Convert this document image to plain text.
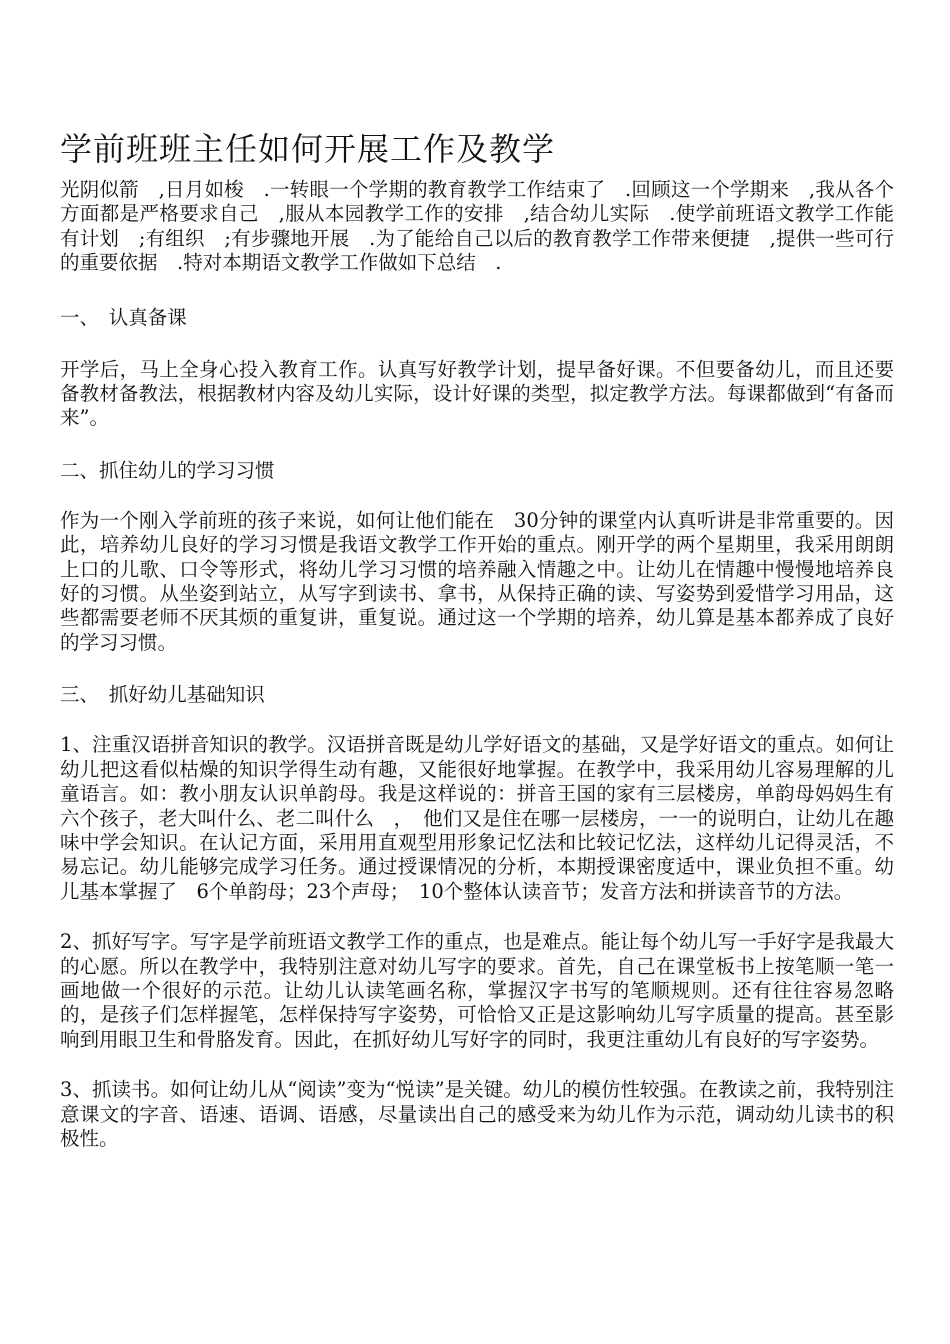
学前班班主任如何开展工作及教学

光阴似箭　,日月如梭　.一转眼一个学期的教育教学工作结束了　.回顾这一个学期来　,我从各个方面都是严格要求自己　,服从本园教学工作的安排　,结合幼儿实际　.使学前班语文教学工作能有计划　;有组织　;有步骤地开展　.为了能给自己以后的教育教学工作带来便捷　,提供一些可行的重要依据　.特对本期语文教学工作做如下总结　.

一、　认真备课

开学后，马上全身心投入教育工作。认真写好教学计划，提早备好课。不但要备幼儿，而且还要备教材备教法，根据教材内容及幼儿实际，设计好课的类型，拟定教学方法。每课都做到“有备而来”。

二、抓住幼儿的学习习惯

作为一个刚入学前班的孩子来说，如何让他们能在　30分钟的课堂内认真听讲是非常重要的。因此，培养幼儿良好的学习习惯是我语文教学工作开始的重点。刚开学的两个星期里，我采用朗朗上口的儿歌、口令等形式，将幼儿学习习惯的培养融入情趣之中。让幼儿在情趣中慢慢地培养良好的习惯。从坐姿到站立，从写字到读书、拿书，从保持正确的读、写姿势到爱惜学习用品，这些都需要老师不厌其烦的重复讲，重复说。通过这一个学期的培养，幼儿算是基本都养成了良好的学习习惯。

三、　抓好幼儿基础知识

1、注重汉语拼音知识的教学。汉语拼音既是幼儿学好语文的基础，又是学好语文的重点。如何让幼儿把这看似枯燥的知识学得生动有趣，又能很好地掌握。在教学中，我采用幼儿容易理解的儿童语言。如：教小朋友认识单韵母。我是这样说的：拼音王国的家有三层楼房，单韵母妈妈生有六个孩子，老大叫什么、老二叫什么　，　他们又是住在哪一层楼房，一一的说明白，让幼儿在趣味中学会知识。在认记方面，采用用直观型用形象记忆法和比较记忆法，这样幼儿记得灵活，不易忘记。幼儿能够完成学习任务。通过授课情况的分析，本期授课密度适中，课业负担不重。幼儿基本掌握了　6个单韵母；23个声母；　10个整体认读音节；发音方法和拼读音节的方法。

2、抓好写字。写字是学前班语文教学工作的重点，也是难点。能让每个幼儿写一手好字是我最大的心愿。所以在教学中，我特别注意对幼儿写字的要求。首先，自己在课堂板书上按笔顺一笔一画地做一个很好的示范。让幼儿认读笔画名称，掌握汉字书写的笔顺规则。还有往往容易忽略的，是孩子们怎样握笔，怎样保持写字姿势，可恰恰又正是这影响幼儿写字质量的提高。甚至影响到用眼卫生和骨胳发育。因此，在抓好幼儿写好字的同时，我更注重幼儿有良好的写字姿势。

3、抓读书。如何让幼儿从“阅读”变为“悦读”是关键。幼儿的模仿性较强。在教读之前，我特别注意课文的字音、语速、语调、语感，尽量读出自己的感受来为幼儿作为示范，调动幼儿读书的积极性。
